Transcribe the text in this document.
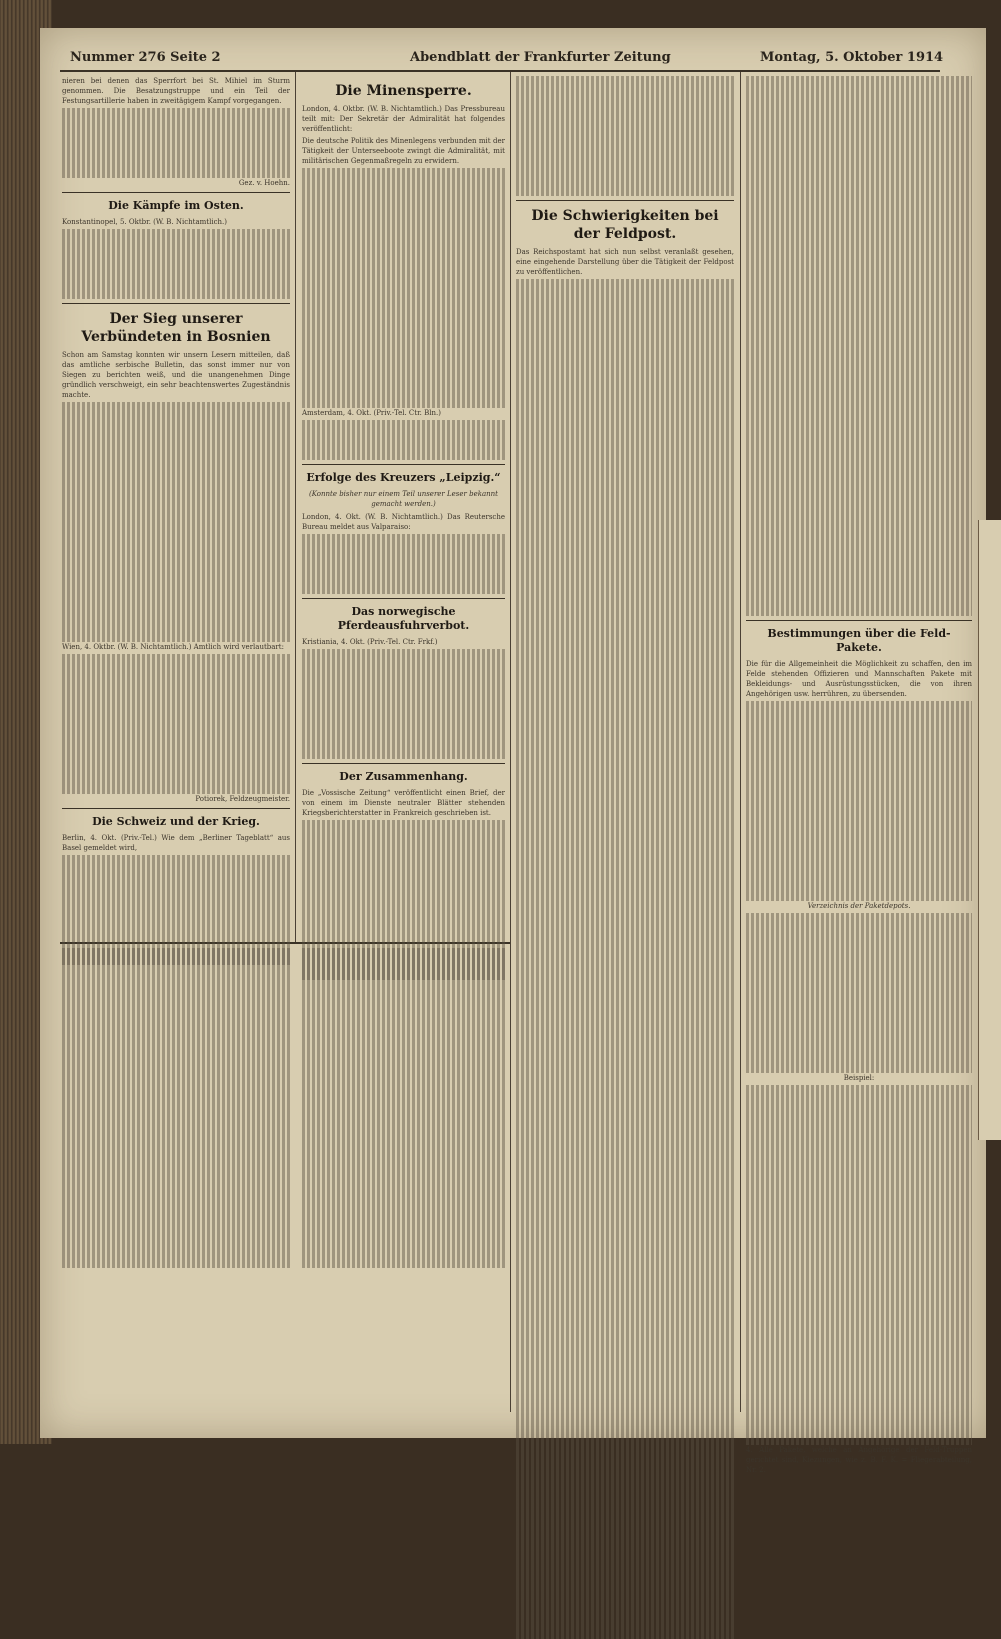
Nummer 276 Seite 2	Abendblatt der Frankfurter Zeitung	Montag, 5. Oktober 1914

nieren bei denen das Sperrfort bei St. Mihiel im Sturm genommen. Die Besatzungstruppe und ein Teil der Festungsartillerie haben in zweitägigem Kampf vorgegangen.

Gez. v. Hoehn.

Die Kämpfe im Osten.

Konstantinopel, 5. Oktbr. (W. B. Nichtamtlich.)

Der Sieg unserer Verbündeten in Bosnien

Schon am Samstag konnten wir unsern Lesern mitteilen, daß das amtliche serbische Bulletin, das sonst immer nur von Siegen zu berichten weiß, und die unangenehmen Dinge gründlich verschweigt, ein sehr beachtenswertes Zugeständnis machte.

Wien, 4. Oktbr. (W. B. Nichtamtlich.) Amtlich wird verlautbart:

Potiorek, Feldzeugmeister.

Die Schweiz und der Krieg.

Berlin, 4. Okt. (Priv.-Tel.) Wie dem „Berliner Tageblatt“ aus Basel gemeldet wird,

Die Minensperre.

London, 4. Oktbr. (W. B. Nichtamtlich.) Das Pressbureau teilt mit: Der Sekretär der Admiralität hat folgendes veröffentlicht:

Die deutsche Politik des Minenlegens verbunden mit der Tätigkeit der Unterseeboote zwingt die Admiralität, mit militärischen Gegenmaßregeln zu erwidern.

Amsterdam, 4. Okt. (Priv.-Tel. Ctr. Bln.)

Erfolge des Kreuzers „Leipzig.“
(Konnte bisher nur einem Teil unserer Leser bekannt gemacht werden.)

London, 4. Okt. (W. B. Nichtamtlich.) Das Reutersche Bureau meldet aus Valparaiso:

Das norwegische Pferdeausfuhrverbot.

Kristiania, 4. Okt. (Priv.-Tel. Ctr. Frkf.)

Der Zusammenhang.

Die „Vossische Zeitung“ veröffentlicht einen Brief, der von einem im Dienste neutraler Blätter stehenden Kriegsberichterstatter in Frankreich geschrieben ist.

Die Schwierigkeiten bei der Feldpost.

Das Reichspostamt hat sich nun selbst veranlaßt gesehen, eine eingehende Darstellung über die Tätigkeit der Feldpost zu veröffentlichen.

Bestimmungen über die Feld-Pakete.

Die für die Allgemeinheit die Möglichkeit zu schaffen, den im Felde stehenden Offizieren und Mannschaften Pakete mit Bekleidungs- und Ausrüstungsstücken, die von ihren Angehörigen usw. herrühren, zu übersenden.

Verzeichnis der Paketdepots.

Beispiel:

4. Alle Pakete, welche an Angehörige der Feld-Truppen gerichtet sind, Kiezungen, wie z. B. F. K. = Fliegerabteilung, Nr. 2.
